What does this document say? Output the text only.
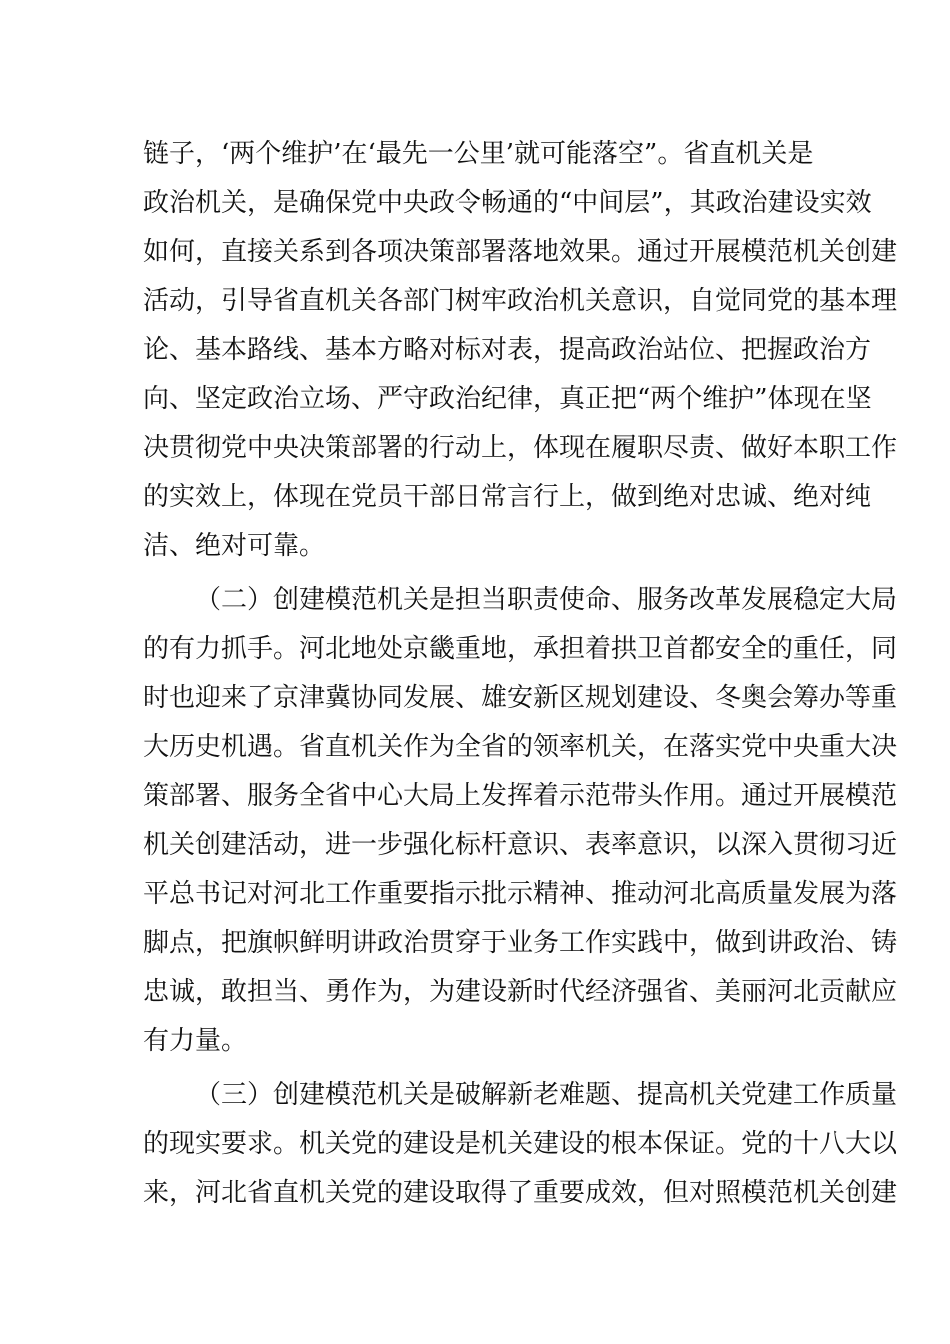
链子，‘两个维护’在‘最先一公里’就可能落空”。省直机关是
政治机关，是确保党中央政令畅通的“中间层”，其政治建设实效
如何，直接关系到各项决策部署落地效果。通过开展模范机关创建
活动，引导省直机关各部门树牢政治机关意识，自觉同党的基本理
论、基本路线、基本方略对标对表，提高政治站位、把握政治方
向、坚定政治立场、严守政治纪律，真正把“两个维护”体现在坚
决贯彻党中央决策部署的行动上，体现在履职尽责、做好本职工作
的实效上，体现在党员干部日常言行上，做到绝对忠诚、绝对纯
洁、绝对可靠。
（二）创建模范机关是担当职责使命、服务改革发展稳定大局
的有力抓手。河北地处京畿重地，承担着拱卫首都安全的重任，同
时也迎来了京津冀协同发展、雄安新区规划建设、冬奥会筹办等重
大历史机遇。省直机关作为全省的领率机关，在落实党中央重大决
策部署、服务全省中心大局上发挥着示范带头作用。通过开展模范
机关创建活动，进一步强化标杆意识、表率意识，以深入贯彻习近
平总书记对河北工作重要指示批示精神、推动河北高质量发展为落
脚点，把旗帜鲜明讲政治贯穿于业务工作实践中，做到讲政治、铸
忠诚，敢担当、勇作为，为建设新时代经济强省、美丽河北贡献应
有力量。
（三）创建模范机关是破解新老难题、提高机关党建工作质量
的现实要求。机关党的建设是机关建设的根本保证。党的十八大以
来，河北省直机关党的建设取得了重要成效，但对照模范机关创建
